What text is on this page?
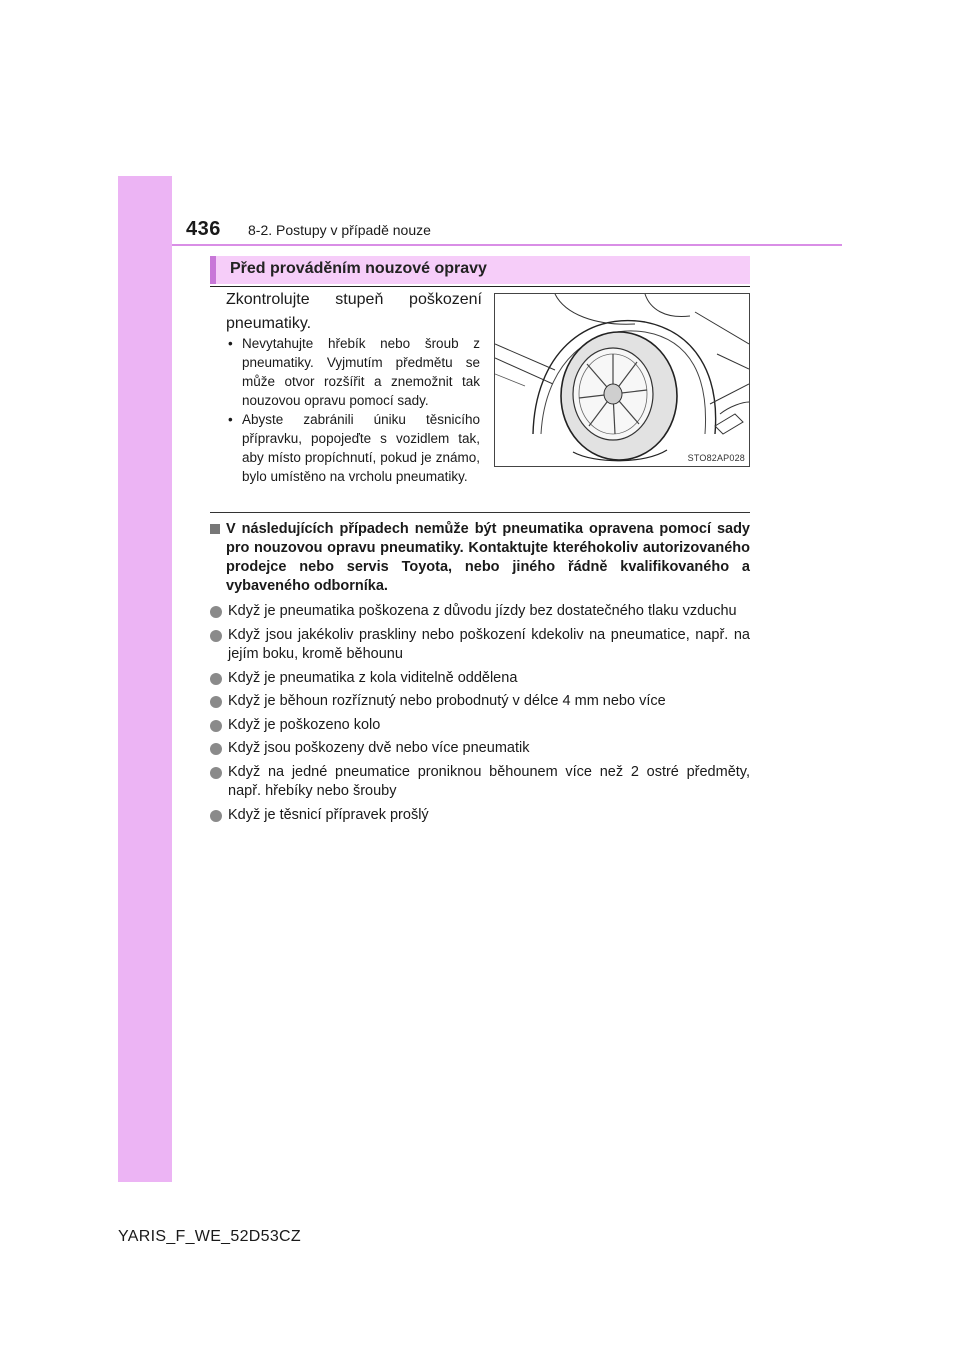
436 8-2. Postupy v případě nouze
Před prováděním nouzové opravy
Zkontrolujte stupeň poškození pneumatiky.
• Nevytahujte hřebík nebo šroub z pneumatiky. Vyjmutím předmětu se může otvor rozšířit a znemožnit tak nouzovou opravu pomocí sady.
• Abyste zabránili úniku těsnicího přípravku, popojeďte s vozidlem tak, aby místo propíchnutí, pokud je známo, bylo umístěno na vrcholu pneumatiky.
STO82AP028
V následujících případech nemůže být pneumatika opravena pomocí sady pro nouzovou opravu pneumatiky. Kontaktujte kteréhokoliv autorizovaného prodejce nebo servis Toyota, nebo jiného řádně kvalifikovaného a vybaveného odborníka.
Když je pneumatika poškozena z důvodu jízdy bez dostatečného tlaku vzduchu
Když jsou jakékoliv praskliny nebo poškození kdekoliv na pneumatice, např. na jejím boku, kromě běhounu
Když je pneumatika z kola viditelně oddělena
Když je běhoun rozříznutý nebo probodnutý v délce 4 mm nebo více
Když je poškozeno kolo
Když jsou poškozeny dvě nebo více pneumatik
Když na jedné pneumatice proniknou běhounem více než 2 ostré předměty, např. hřebíky nebo šrouby
Když je těsnicí přípravek prošlý
YARIS_F_WE_52D53CZ
